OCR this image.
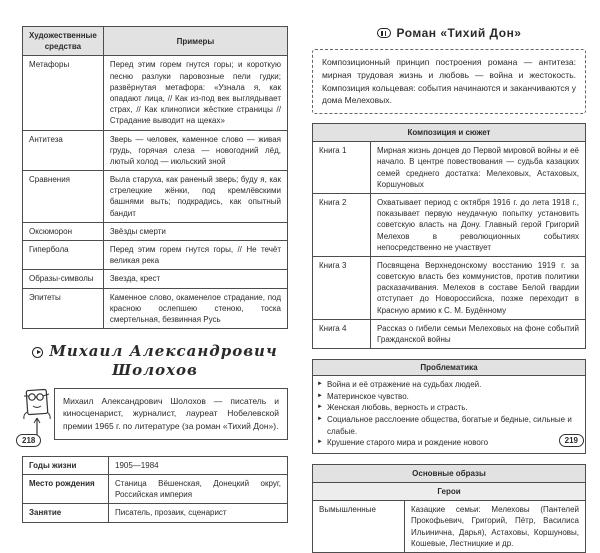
Художественные средства	Примеры
Метафоры	Перед этим горем гнутся горы; и короткую песню разлуки паровозные пели гудки; развёрнутая метафора: «Узнала я, как опадают лица, // Как из-под век выглядывает страх, // Как клинописи жёсткие страницы // Страдание выводит на щеках»
Антитеза	Зверь — человек, каменное слово — живая грудь, горячая слеза — новогодний лёд, лютый холод — июльский зной
Сравнения	Выла старуха, как раненый зверь; буду я, как стрелецкие жёнки, под кремлёвскими башнями выть; подкрадись, как опытный бандит
Оксюморон	Звёзды смерти
Гипербола	Перед этим горем гнутся горы, // Не течёт великая река
Образы-символы	Звезда, крест
Эпитеты	Каменное слово, окаменелое страдание, под красною ослепшею стеною, тоска смертельная, безвинная Русь
Михаил Александрович Шолохов
Михаил Александрович Шолохов — писатель и киносценарист, журналист, лауреат Нобелевской премии 1965 г. по литературе (за роман «Тихий Дон»).
Годы жизни	1905—1984
Место рождения	Станица Вёшенская, Донецкий округ, Российская империя
Занятие	Писатель, прозаик, сценарист
Роман «Тихий Дон»
Композиционный принцип построения романа — антитеза: мирная трудовая жизнь и любовь — война и жестокость. Композиция кольцевая: события начинаются и заканчиваются у дома Мелеховых.
Композиция и сюжет	
Книга 1	Мирная жизнь донцев до Первой мировой войны и её начало. В центре повествования — судьба казацких семей среднего достатка: Мелеховых, Астаховых, Коршуновых
Книга 2	Охватывает период с октября 1916 г. до лета 1918 г., показывает первую неудачную попытку установить советскую власть на Дону. Главный герой Григорий Мелехов в революционных событиях непосредственно не участвует
Книга 3	Посвящена Верхнедонскому восстанию 1919 г. за советскую власть без коммунистов, против политики расказачивания. Мелехов в составе Белой гвардии отступает до Новороссийска, позже переходит в Красную армию к С. М. Будённому
Книга 4	Рассказ о гибели семьи Мелеховых на фоне событий Гражданской войны
Проблематика
► Война и её отражение на судьбах людей.
► Материнское чувство.
► Женская любовь, верность и страсть.
► Социальное расслоение общества, богатые и бедные, сильные и слабые.
► Крушение старого мира и рождение нового
Основные образы
Герои
Вымышленные	Казацкие семьи: Мелеховы (Пантелей Прокофьевич, Григорий, Пётр, Василиса Ильинична, Дарья), Астаховы, Коршуновы, Кошевые, Лестницкие и др.
218	219
